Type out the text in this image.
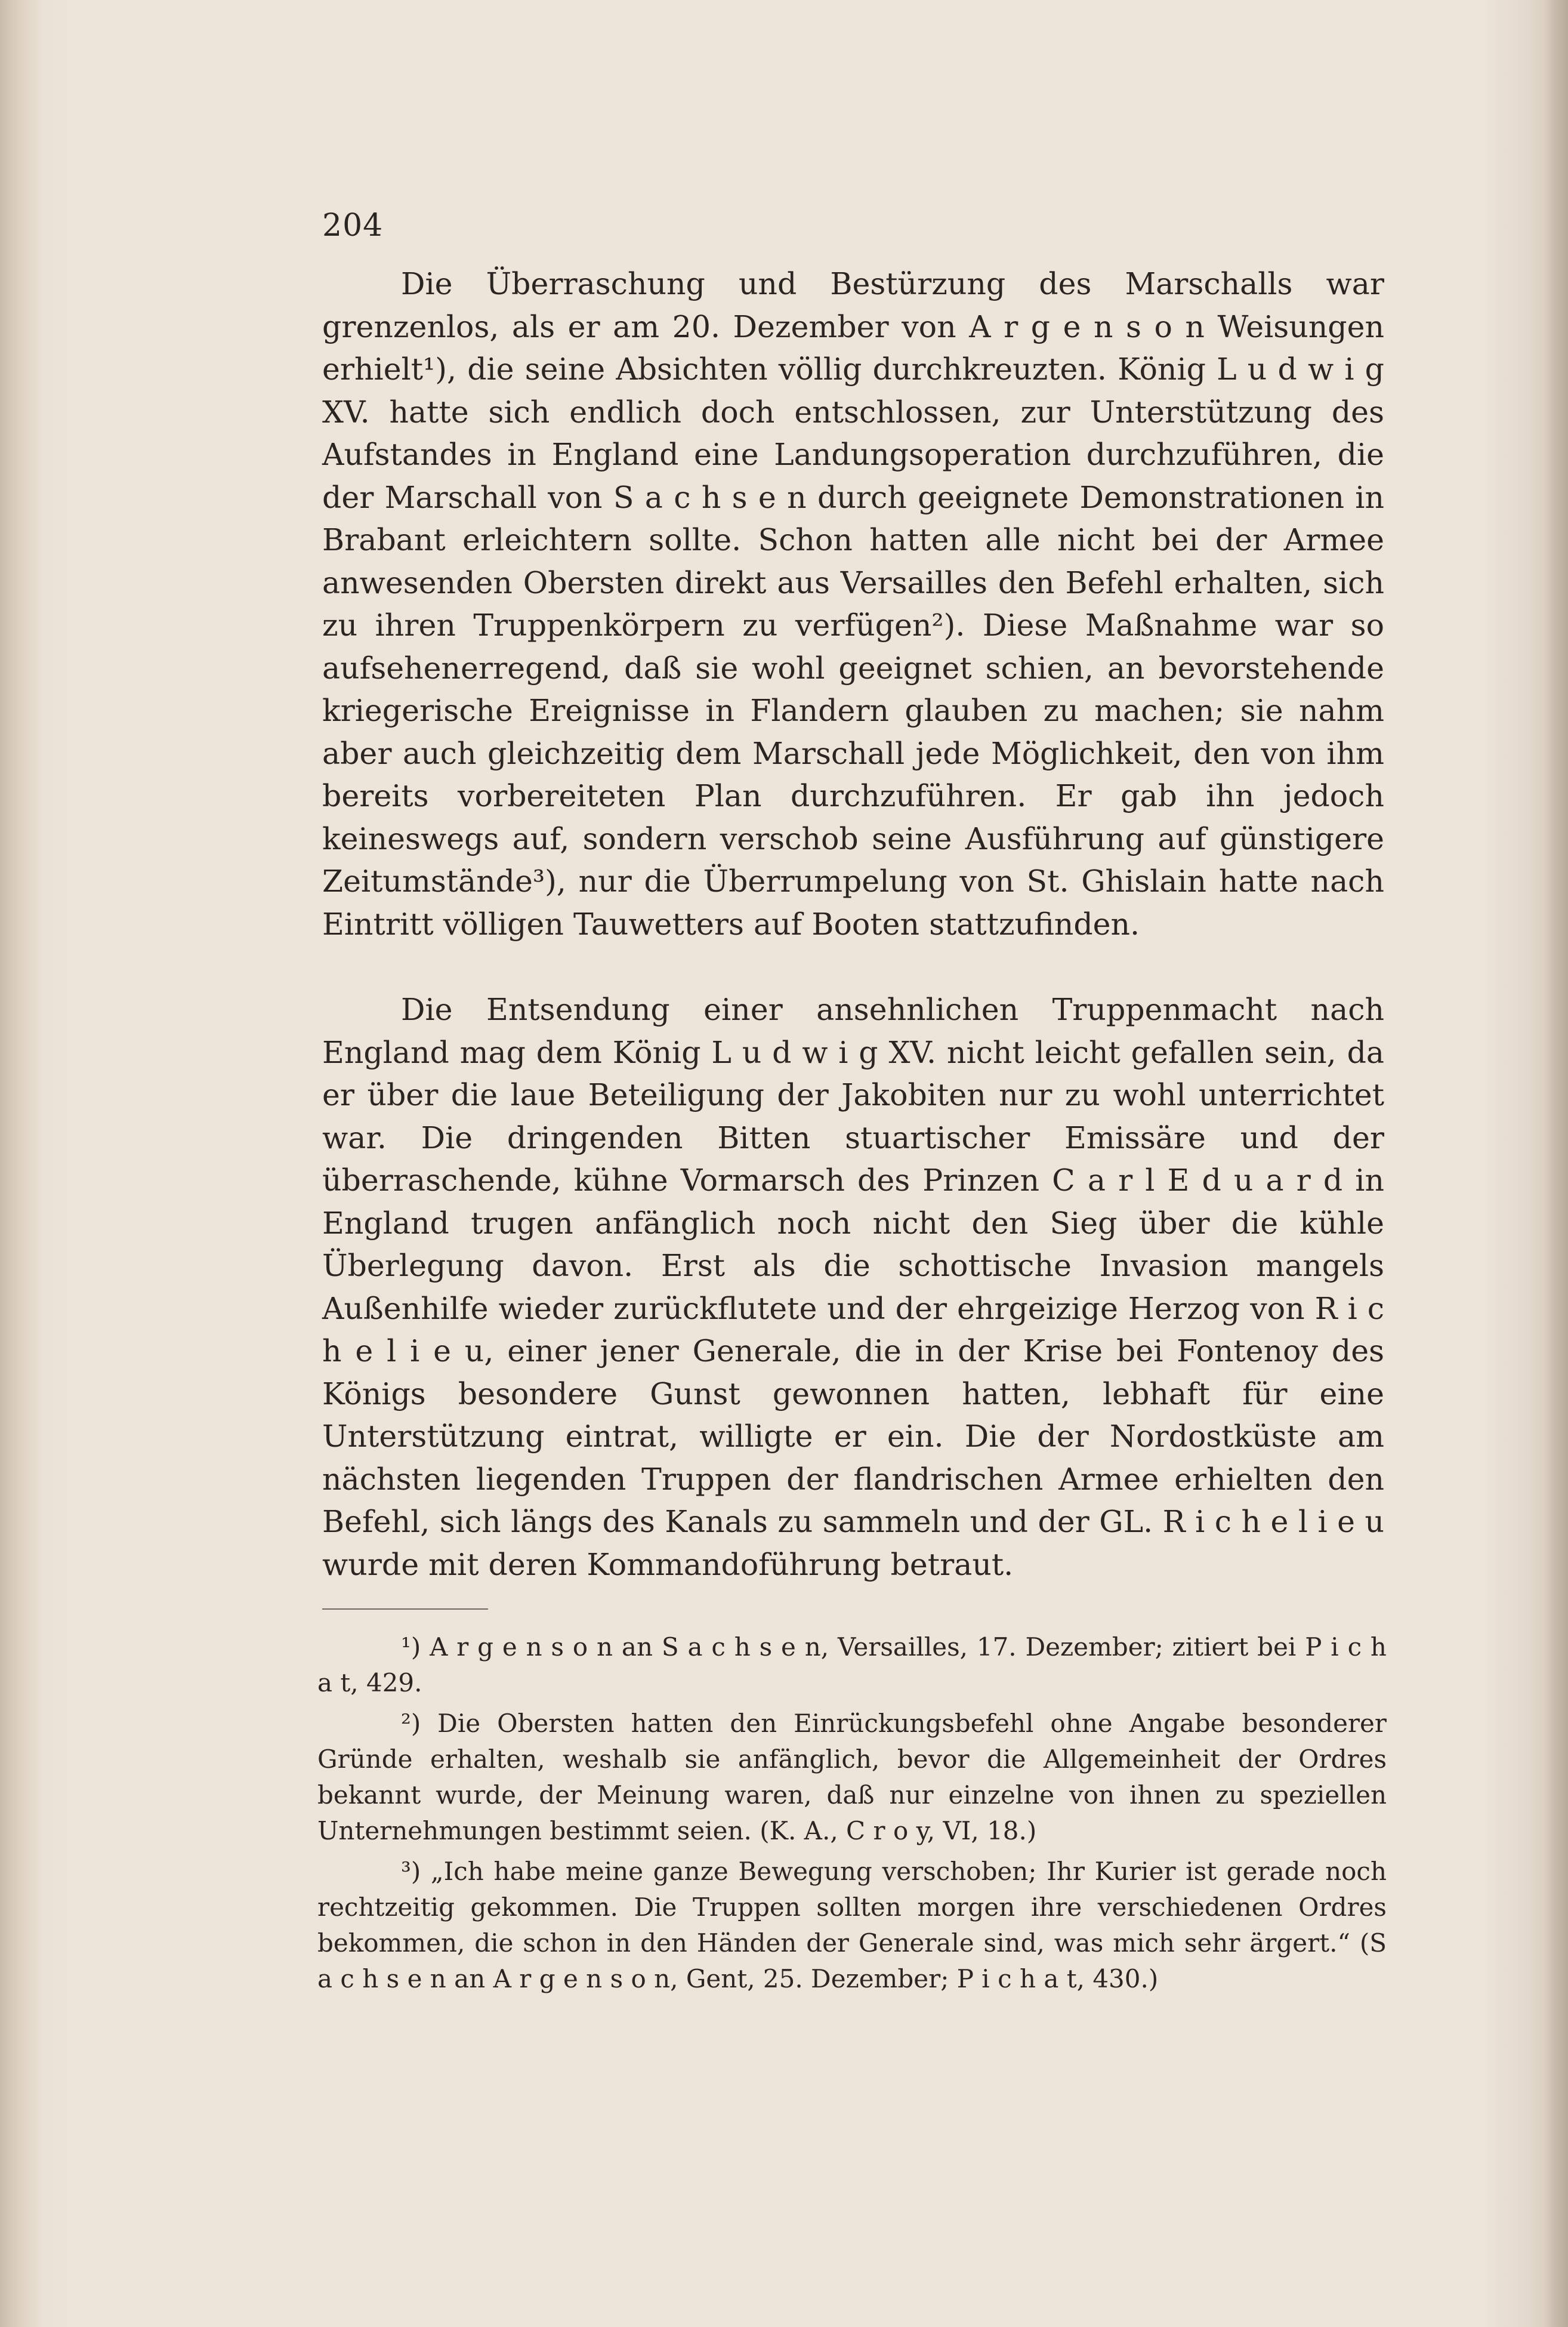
204

Die Überraschung und Bestürzung des Marschalls war grenzenlos, als er am 20. Dezember von A r g e n s o n Weisungen erhielt¹), die seine Absichten völlig durchkreuzten. König L u d w i g XV. hatte sich endlich doch entschlossen, zur Unterstützung des Aufstandes in England eine Landungsoperation durchzuführen, die der Marschall von S a c h s e n durch geeignete Demonstrationen in Brabant erleichtern sollte. Schon hatten alle nicht bei der Armee anwesenden Obersten direkt aus Versailles den Befehl erhalten, sich zu ihren Truppenkörpern zu verfügen²). Diese Maßnahme war so aufsehenerregend, daß sie wohl geeignet schien, an bevorstehende kriegerische Ereignisse in Flandern glauben zu machen; sie nahm aber auch gleichzeitig dem Marschall jede Möglichkeit, den von ihm bereits vorbereiteten Plan durchzuführen. Er gab ihn jedoch keineswegs auf, sondern verschob seine Ausführung auf günstigere Zeitumstände³), nur die Überrumpelung von St. Ghislain hatte nach Eintritt völligen Tauwetters auf Booten stattzufinden.

Die Entsendung einer ansehnlichen Truppenmacht nach England mag dem König L u d w i g XV. nicht leicht gefallen sein, da er über die laue Beteiligung der Jakobiten nur zu wohl unterrichtet war. Die dringenden Bitten stuartischer Emissäre und der überraschende, kühne Vormarsch des Prinzen C a r l E d u a r d in England trugen anfänglich noch nicht den Sieg über die kühle Überlegung davon. Erst als die schottische Invasion mangels Außenhilfe wieder zurückflutete und der ehrgeizige Herzog von R i c h e l i e u, einer jener Generale, die in der Krise bei Fontenoy des Königs besondere Gunst gewonnen hatten, lebhaft für eine Unterstützung eintrat, willigte er ein. Die der Nordostküste am nächsten liegenden Truppen der flandrischen Armee erhielten den Befehl, sich längs des Kanals zu sammeln und der GL. R i c h e l i e u wurde mit deren Kommandoführung betraut.

¹) A r g e n s o n an S a c h s e n, Versailles, 17. Dezember; zitiert bei P i c h a t, 429.

²) Die Obersten hatten den Einrückungsbefehl ohne Angabe besonderer Gründe erhalten, weshalb sie anfänglich, bevor die Allgemeinheit der Ordres bekannt wurde, der Meinung waren, daß nur einzelne von ihnen zu speziellen Unternehmungen bestimmt seien. (K. A., C r o y, VI, 18.)

³) „Ich habe meine ganze Bewegung verschoben; Ihr Kurier ist gerade noch rechtzeitig gekommen. Die Truppen sollten morgen ihre verschiedenen Ordres bekommen, die schon in den Händen der Generale sind, was mich sehr ärgert.“ (S a c h s e n an A r g e n s o n, Gent, 25. Dezember; P i c h a t, 430.)
